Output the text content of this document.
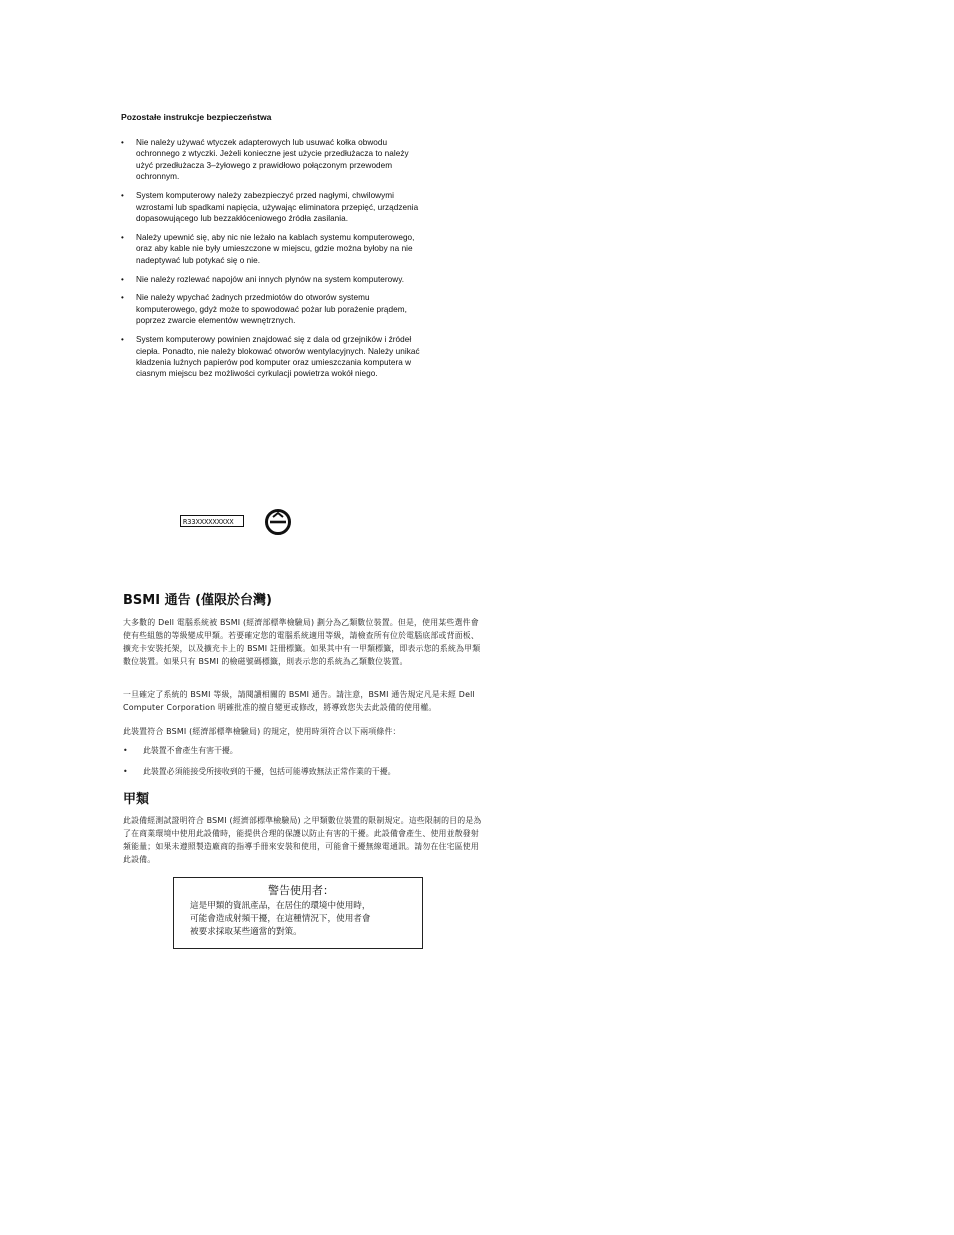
Pozostałe instrukcje bezpieczeństwa
• Nie należy używać wtyczek adapterowych lub usuwać kołka obwodu ochronnego z wtyczki. Jeżeli konieczne jest użycie przedłużacza to należy użyć przedłużacza 3–żyłowego z prawidłowo połączonym przewodem ochronnym.
• System komputerowy należy zabezpieczyć przed nagłymi, chwilowymi wzrostami lub spadkami napięcia, używając eliminatora przepięć, urządzenia dopasowującego lub bezzakłóceniowego źródła zasilania.
• Należy upewnić się, aby nic nie leżało na kablach systemu komputerowego, oraz aby kable nie były umieszczone w miejscu, gdzie można byłoby na nie nadeptywać lub potykać się o nie.
• Nie należy rozlewać napojów ani innych płynów na system komputerowy.
• Nie należy wpychać żadnych przedmiotów do otworów systemu komputerowego, gdyż może to spowodować pożar lub porażenie prądem, poprzez zwarcie elementów wewnętrznych.
• System komputerowy powinien znajdować się z dala od grzejników i źródeł ciepła. Ponadto, nie należy blokować otworów wentylacyjnych. Należy unikać kładzenia luźnych papierów pod komputer oraz umieszczania komputera w ciasnym miejscu bez możliwości cyrkulacji powietrza wokół niego.
R33XXXXXXXXX
BSMI 通告 (僅限於台灣)

大多數的 Dell 電腦系統被 BSMI (經濟部標準檢驗局) 劃分為乙類數位裝置。但是，使用某些選件會使有些組態的等級變成甲類。若要確定您的電腦系統適用等級，請檢查所有位於電腦底部或背面板、擴充卡安裝托架，以及擴充卡上的 BSMI 註冊標籤。如果其中有一甲類標籤，即表示您的系統為甲類數位裝置。如果只有 BSMI 的檢磁號碼標籤，則表示您的系統為乙類數位裝置。

一旦確定了系統的 BSMI 等級，請閱讀相關的 BSMI 通告。請注意，BSMI 通告規定凡是未經 Dell Computer Corporation 明確批准的擅自變更或修改，將導致您失去此設備的使用權。

此裝置符合 BSMI (經濟部標準檢驗局) 的規定，使用時須符合以下兩項條件：

• 此裝置不會產生有害干擾。
• 此裝置必須能接受所接收到的干擾，包括可能導致無法正常作業的干擾。
甲類

此設備經測試證明符合 BSMI (經濟部標準檢驗局) 之甲類數位裝置的限制規定。這些限制的目的是為了在商業環境中使用此設備時，能提供合理的保護以防止有害的干擾。此設備會產生、使用並散發射頻能量；如果未遵照製造廠商的指導手冊來安裝和使用，可能會干擾無線電通訊。請勿在住宅區使用此設備。

警告使用者：
這是甲類的資訊產品，在居住的環境中使用時，
可能會造成射頻干擾，在這種情況下，使用者會
被要求採取某些適當的對策。
